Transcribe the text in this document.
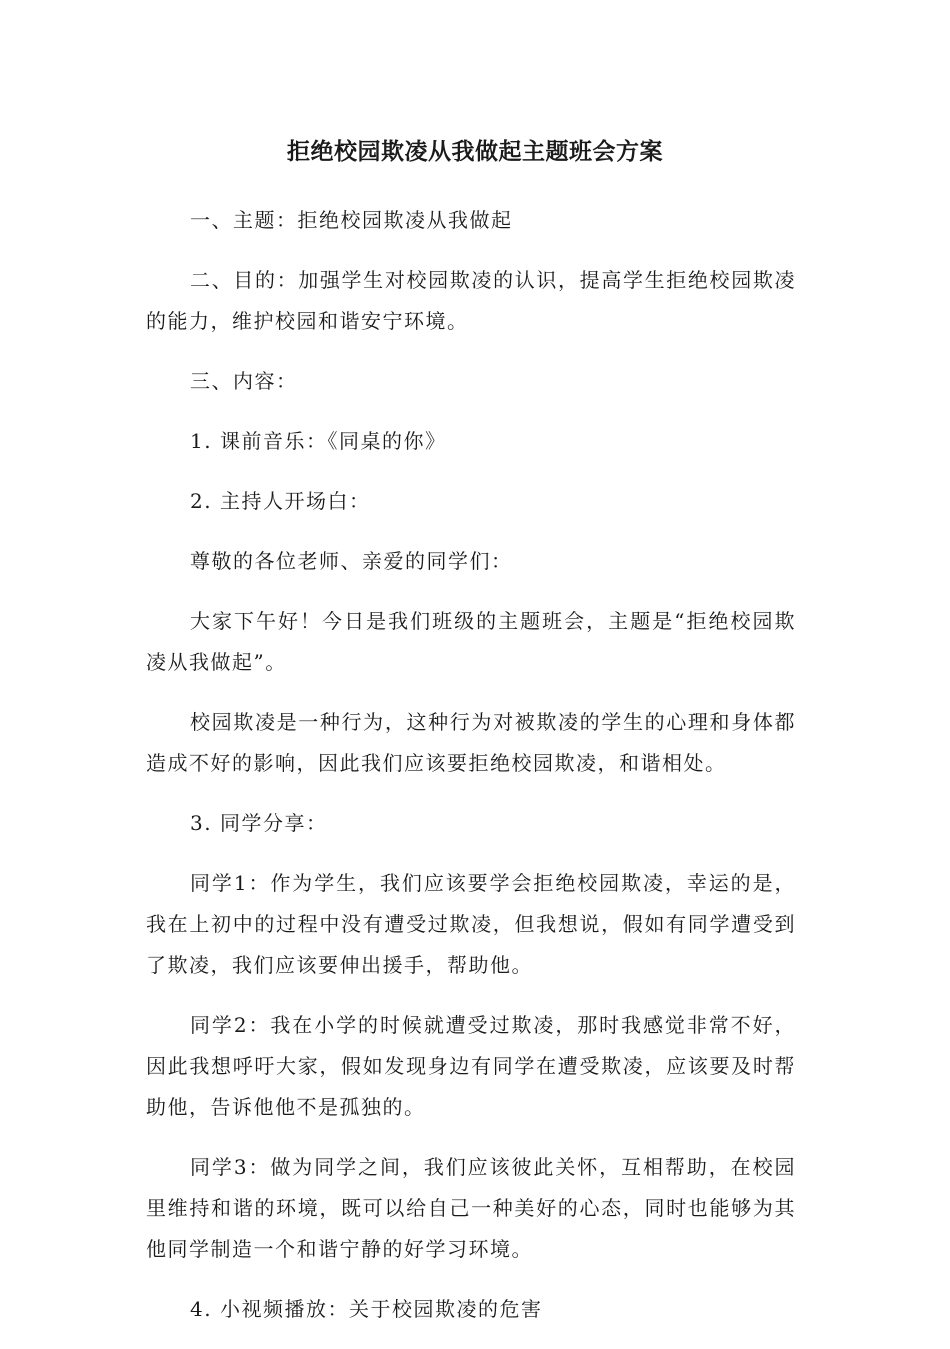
拒绝校园欺凌从我做起主题班会方案

一、主题：拒绝校园欺凌从我做起

二、目的：加强学生对校园欺凌的认识，提高学生拒绝校园欺凌的能力，维护校园和谐安宁环境。

三、内容：

1. 课前音乐：《同桌的你》

2. 主持人开场白：

尊敬的各位老师、亲爱的同学们：

大家下午好！今日是我们班级的主题班会，主题是“拒绝校园欺凌从我做起”。

校园欺凌是一种行为，这种行为对被欺凌的学生的心理和身体都造成不好的影响，因此我们应该要拒绝校园欺凌，和谐相处。

3. 同学分享：

同学1：作为学生，我们应该要学会拒绝校园欺凌，幸运的是，我在上初中的过程中没有遭受过欺凌，但我想说，假如有同学遭受到了欺凌，我们应该要伸出援手，帮助他。

同学2：我在小学的时候就遭受过欺凌，那时我感觉非常不好，因此我想呼吁大家，假如发现身边有同学在遭受欺凌，应该要及时帮助他，告诉他他不是孤独的。

同学3：做为同学之间，我们应该彼此关怀，互相帮助，在校园里维持和谐的环境，既可以给自己一种美好的心态，同时也能够为其他同学制造一个和谐宁静的好学习环境。

4. 小视频播放：关于校园欺凌的危害
